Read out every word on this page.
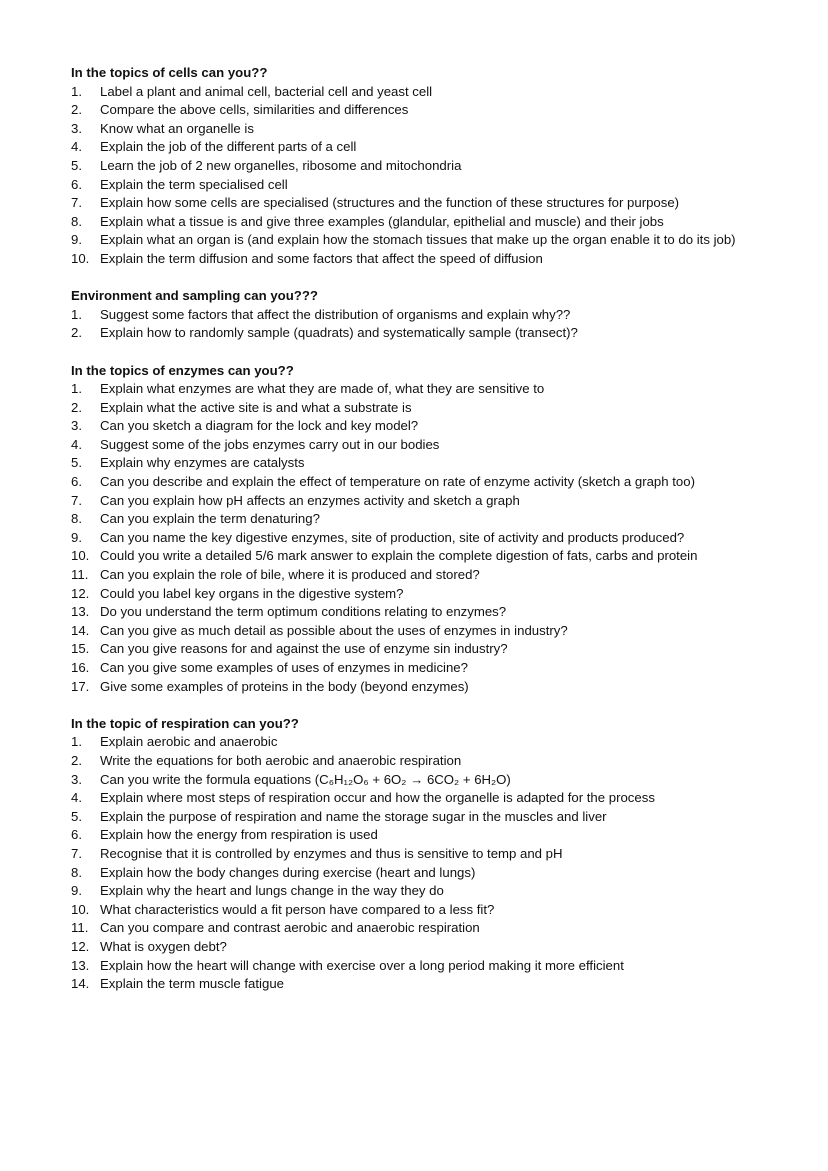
In the topics of cells can you??
1.	Label a plant and animal cell, bacterial cell and yeast cell
2.	Compare the above cells, similarities and differences
3.	Know what an organelle is
4.	Explain the job of the different parts of a cell
5.	Learn the job of 2 new organelles, ribosome and mitochondria
6.	Explain the term specialised cell
7.	Explain how some cells are specialised (structures and the function of these structures for purpose)
8.	Explain what a tissue is and give three examples (glandular, epithelial and muscle) and their jobs
9.	Explain what an organ is (and explain how the stomach tissues that make up the organ enable it to do its job)
10. Explain the term diffusion and some factors that affect the speed of diffusion
Environment and sampling can you???
1.	Suggest some factors that affect the distribution of organisms and explain why??
2.	Explain how to randomly sample (quadrats) and systematically sample (transect)?
In the topics of enzymes can you??
1.	Explain what enzymes are what they are made of, what they are sensitive to
2.	Explain what the active site is and what a substrate is
3.	Can you sketch a diagram for the lock and key model?
4.	Suggest some of the jobs enzymes carry out in our bodies
5.	Explain why enzymes are catalysts
6.	Can you describe and explain the effect of temperature on rate of enzyme activity (sketch a graph too)
7.	Can you explain how pH affects an enzymes activity and sketch a graph
8.	Can you explain the term denaturing?
9.	Can you name the key digestive enzymes, site of production, site of activity and products produced?
10. Could you write a detailed 5/6 mark answer to explain the complete digestion of fats, carbs and protein
11. Can you explain the role of bile, where it is produced and stored?
12. Could you label key organs in the digestive system?
13. Do you understand the term optimum conditions relating to enzymes?
14. Can you give as much detail as possible about the uses of enzymes in industry?
15. Can you give reasons for and against the use of enzyme sin industry?
16. Can you give some examples of uses of enzymes in medicine?
17. Give some examples of proteins in the body (beyond enzymes)
In the topic of respiration can you??
1.	Explain aerobic and anaerobic
2.	Write the equations for both aerobic and anaerobic respiration
3.	Can you write the formula equations (C₆H₁₂O₆ + 6O₂ → 6CO₂ + 6H₂O)
4.	Explain where most steps of respiration occur and how the organelle is adapted for the process
5.	Explain the purpose of respiration and name the storage sugar in the muscles and liver
6.	Explain how the energy from respiration is used
7.	Recognise that it is controlled by enzymes and thus is sensitive to temp and pH
8.	Explain how the body changes during exercise (heart and lungs)
9.	Explain why the heart and lungs change in the way they do
10. What characteristics would a fit person have compared to a less fit?
11. Can you compare and contrast aerobic and anaerobic respiration
12. What is oxygen debt?
13. Explain how the heart will change with exercise over a long period making it more efficient
14. Explain the term muscle fatigue
